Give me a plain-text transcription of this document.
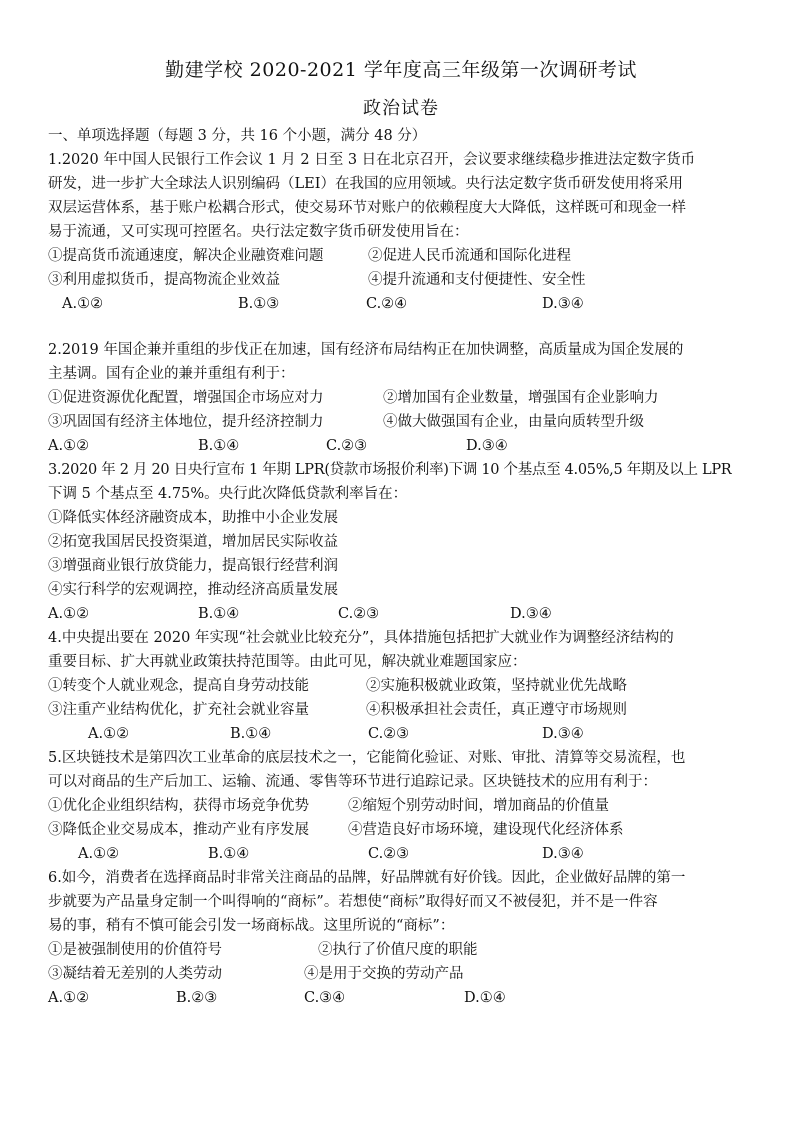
勤建学校 2020-2021 学年度高三年级第一次调研考试
政治试卷
一、单项选择题（每题 3 分，共 16 个小题，满分 48 分）
1.2020 年中国人民银行工作会议 1 月 2 日至 3 日在北京召开，会议要求继续稳步推进法定数字货币
研发，进一步扩大全球法人识别编码（LEI）在我国的应用领域。央行法定数字货币研发使用将采用
双层运营体系，基于账户松耦合形式，使交易环节对账户的依赖程度大大降低，这样既可和现金一样
易于流通，又可实现可控匿名。央行法定数字货币研发使用旨在：
①提高货币流通速度，解决企业融资难问题	②促进人民币流通和国际化进程
③利用虚拟货币，提高物流企业效益	④提升流通和支付便捷性、安全性
A.①②	B.①③	C.②④	D.③④
2.2019 年国企兼并重组的步伐正在加速，国有经济布局结构正在加快调整，高质量成为国企发展的
主基调。国有企业的兼并重组有利于：
①促进资源优化配置，增强国企市场应对力	②增加国有企业数量，增强国有企业影响力
③巩固国有经济主体地位，提升经济控制力	④做大做强国有企业，由量向质转型升级
A.①②	B.①④	C.②③	D.③④
3.2020 年 2 月 20 日央行宣布 1 年期 LPR(贷款市场报价利率)下调 10 个基点至 4.05%,5 年期及以上 LPR
下调 5 个基点至 4.75%。央行此次降低贷款利率旨在：
①降低实体经济融资成本，助推中小企业发展
②拓宽我国居民投资渠道，增加居民实际收益
③增强商业银行放贷能力，提高银行经营利润
④实行科学的宏观调控，推动经济高质量发展
A.①②	B.①④	C.②③	D.③④
4.中央提出要在 2020 年实现“社会就业比较充分”，具体措施包括把扩大就业作为调整经济结构的
重要目标、扩大再就业政策扶持范围等。由此可见，解决就业难题国家应：
①转变个人就业观念，提高自身劳动技能	②实施积极就业政策，坚持就业优先战略
③注重产业结构优化，扩充社会就业容量	④积极承担社会责任，真正遵守市场规则
A.①②	B.①④	C.②③	D.③④
5.区块链技术是第四次工业革命的底层技术之一，它能简化验证、对账、审批、清算等交易流程，也
可以对商品的生产后加工、运输、流通、零售等环节进行追踪记录。区块链技术的应用有利于：
①优化企业组织结构，获得市场竞争优势	②缩短个别劳动时间，增加商品的价值量
③降低企业交易成本，推动产业有序发展	④营造良好市场环境，建设现代化经济体系
A.①②	B.①④	C.②③	D.③④
6.如今，消费者在选择商品时非常关注商品的品牌，好品牌就有好价钱。因此，企业做好品牌的第一
步就要为产品量身定制一个叫得响的“商标”。若想使“商标”取得好而又不被侵犯，并不是一件容
易的事，稍有不慎可能会引发一场商标战。这里所说的“商标”：
①是被强制使用的价值符号	②执行了价值尺度的职能
③凝结着无差别的人类劳动	④是用于交换的劳动产品
A.①②	B.②③	C.③④	D.①④
